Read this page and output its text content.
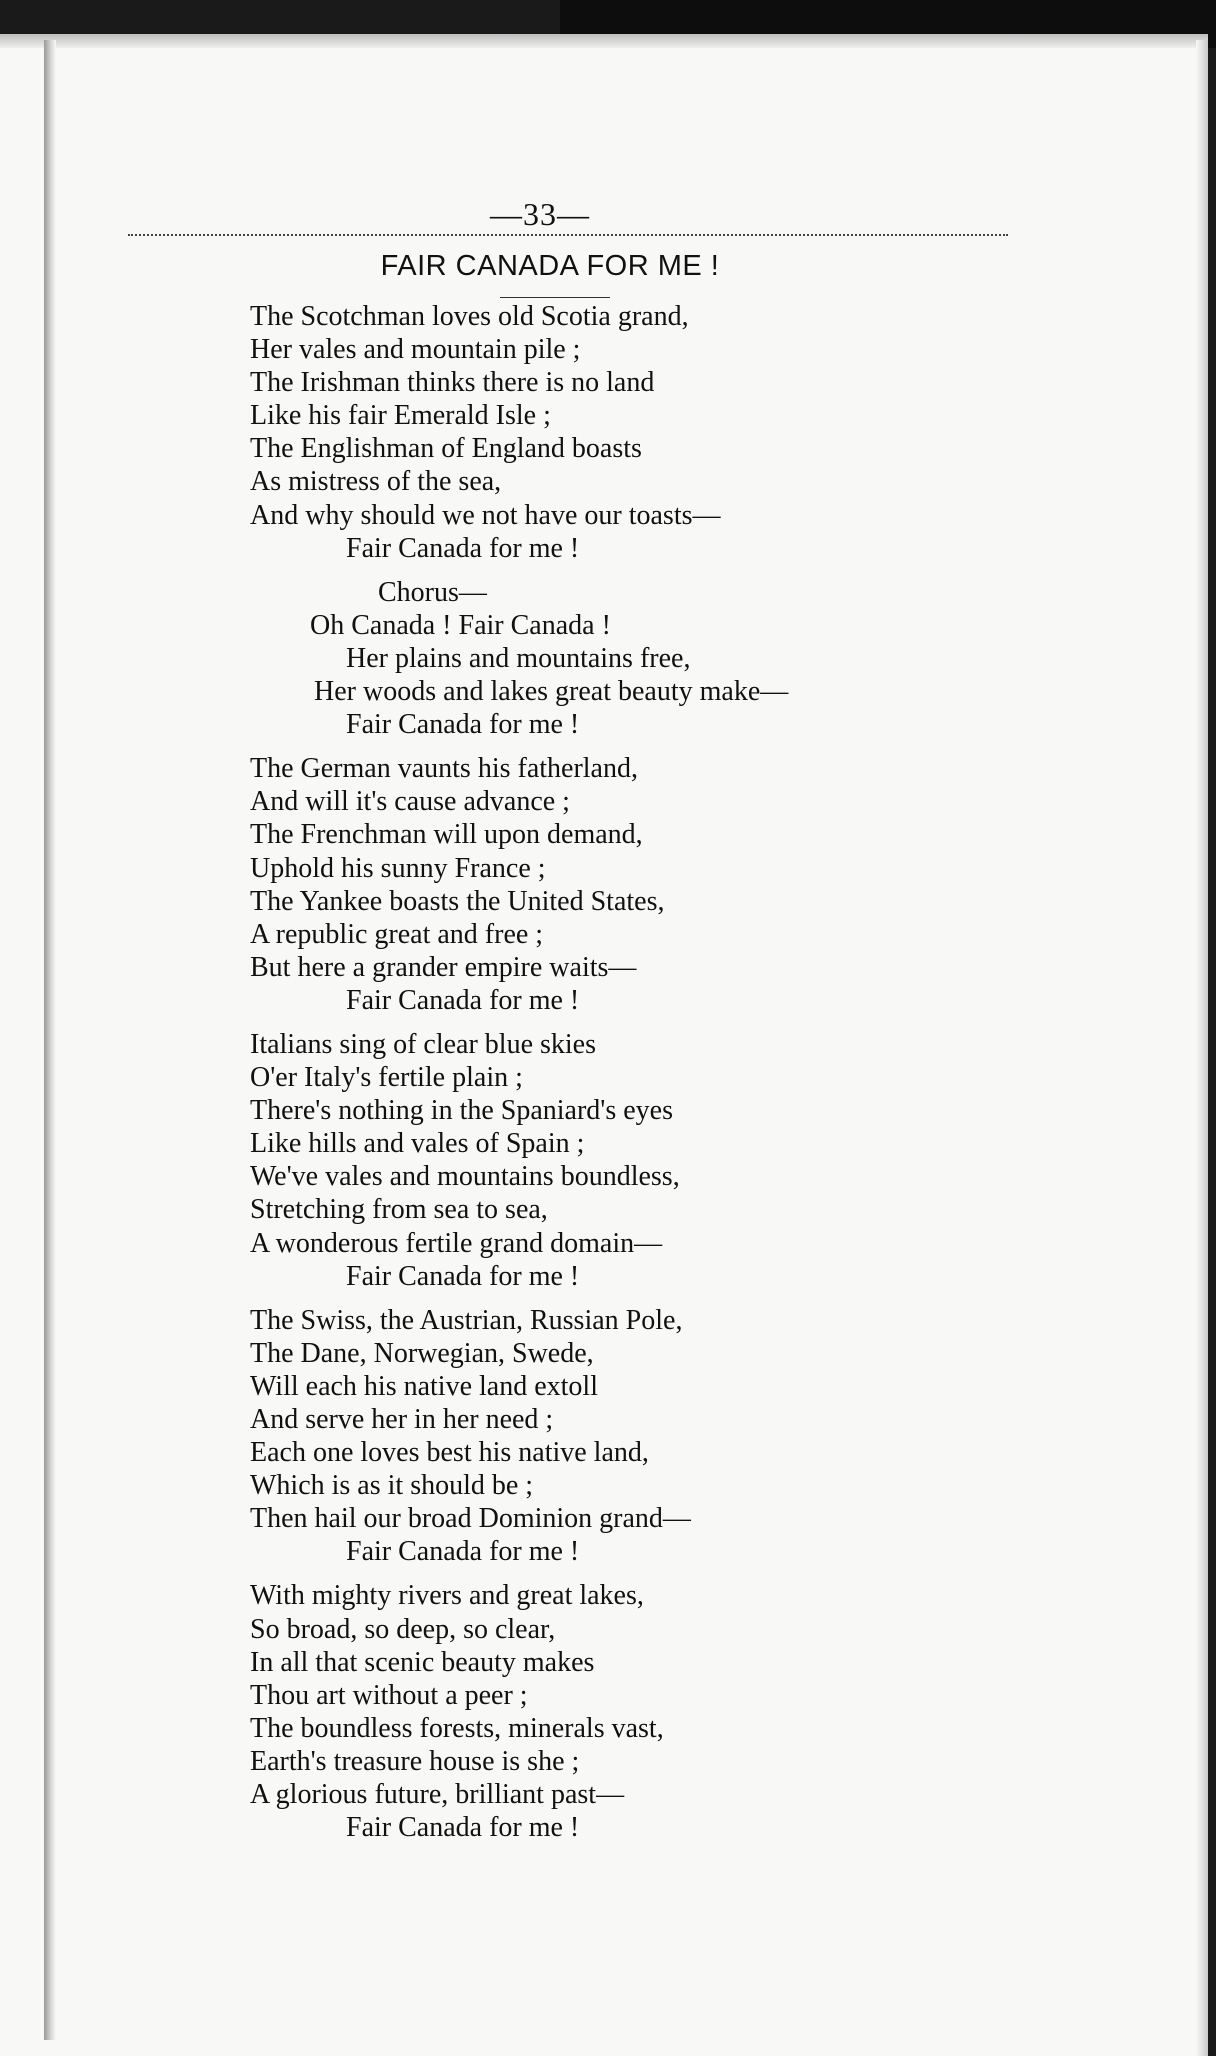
—33—
FAIR CANADA FOR ME !
The Scotchman loves old Scotia grand,
Her vales and mountain pile ;
The Irishman thinks there is no land
Like his fair Emerald Isle ;
The Englishman of England boasts
As mistress of the sea,
And why should we not have our toasts—
Fair Canada for me !
Chorus—
Oh Canada ! Fair Canada !
Her plains and mountains free,
Her woods and lakes great beauty make—
Fair Canada for me !
The German vaunts his fatherland,
And will it's cause advance ;
The Frenchman will upon demand,
Uphold his sunny France ;
The Yankee boasts the United States,
A republic great and free ;
But here a grander empire waits—
Fair Canada for me !
Italians sing of clear blue skies
O'er Italy's fertile plain ;
There's nothing in the Spaniard's eyes
Like hills and vales of Spain ;
We've vales and mountains boundless,
Stretching from sea to sea,
A wonderous fertile grand domain—
Fair Canada for me !
The Swiss, the Austrian, Russian Pole,
The Dane, Norwegian, Swede,
Will each his native land extoll
And serve her in her need ;
Each one loves best his native land,
Which is as it should be ;
Then hail our broad Dominion grand—
Fair Canada for me !
With mighty rivers and great lakes,
So broad, so deep, so clear,
In all that scenic beauty makes
Thou art without a peer ;
The boundless forests, minerals vast,
Earth's treasure house is she ;
A glorious future, brilliant past—
Fair Canada for me !
